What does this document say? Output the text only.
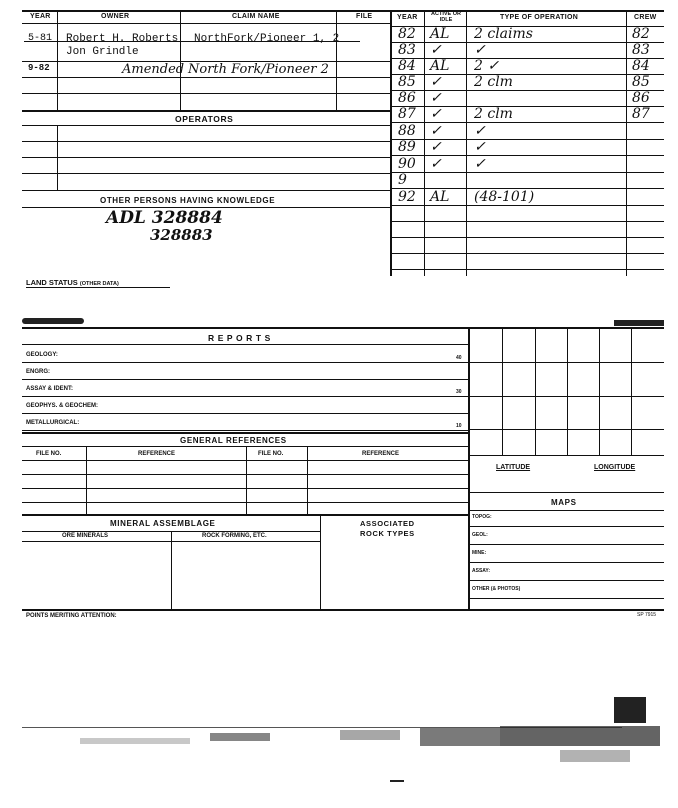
YEAR	OWNER	CLAIM NAME	FILE
5-81 Robert H. Roberts NorthFork/Pioneer 1, 2
Jon Grindle
9-82	Amended North Fork/Pioneer 2
OPERATORS
OTHER PERSONS HAVING KNOWLEDGE
ADL 328884
328883
YEAR	ACTIVE OR IDLE	TYPE OF OPERATION	CREW
82 AL 2 claims	82
83 ✓ ✓	83
84 AL 2 ✓	84
85 ✓ 2 clm	85
86 ✓	86
87 ✓ 2 clm	87
88 ✓ ✓
89 ✓ ✓
90 ✓ ✓
9
92 AL (48-101)
LAND STATUS (OTHER DATA)
R E P O R T S
GEOLOGY:	40
ENGRG:
ASSAY & IDENT:	30
GEOPHYS. & GEOCHEM:
METALLURGICAL:	10
GENERAL REFERENCES
FILE NO.	REFERENCE	FILE NO.	REFERENCE
MINERAL ASSEMBLAGE
ORE MINERALS	ROCK FORMING, ETC.
ASSOCIATED
ROCK TYPES
LATITUDE	LONGITUDE
MAPS
TOPOG:
GEOL:
MINE:
ASSAY:
OTHER (& PHOTOS)
POINTS MERITING ATTENTION:	SP 7915
